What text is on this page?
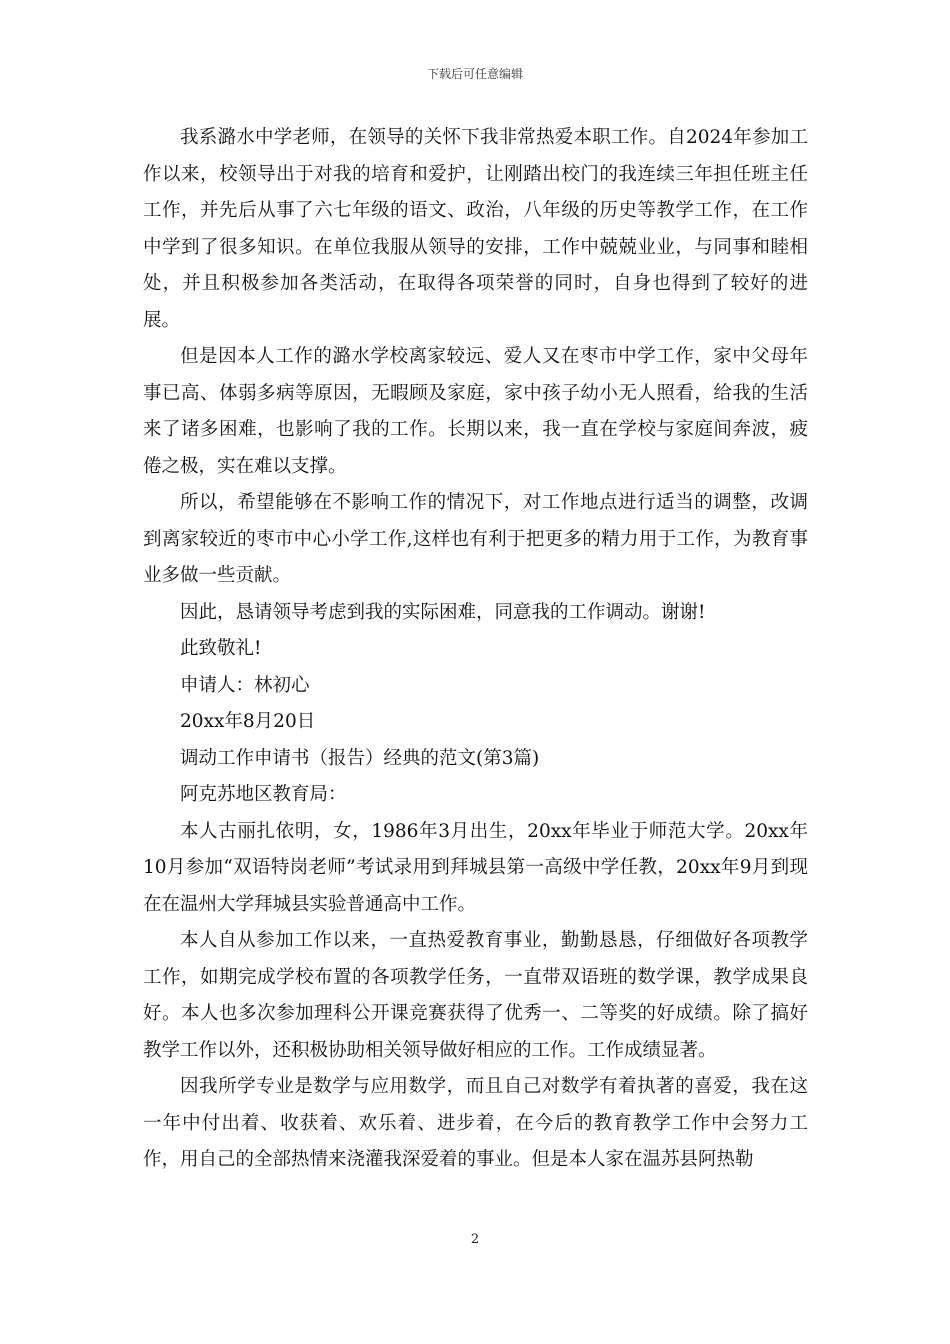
下载后可任意编辑

我系潞水中学老师，在领导的关怀下我非常热爱本职工作。自2024年参加工作以来，校领导出于对我的培育和爱护，让刚踏出校门的我连续三年担任班主任工作，并先后从事了六七年级的语文、政治，八年级的历史等教学工作，在工作中学到了很多知识。在单位我服从领导的安排，工作中兢兢业业，与同事和睦相处，并且积极参加各类活动，在取得各项荣誉的同时，自身也得到了较好的进展。

但是因本人工作的潞水学校离家较远、爱人又在枣市中学工作，家中父母年事已高、体弱多病等原因，无暇顾及家庭，家中孩子幼小无人照看，给我的生活来了诸多困难，也影响了我的工作。长期以来，我一直在学校与家庭间奔波，疲倦之极，实在难以支撑。

所以，希望能够在不影响工作的情况下，对工作地点进行适当的调整，改调到离家较近的枣市中心小学工作,这样也有利于把更多的精力用于工作，为教育事业多做一些贡献。

因此，恳请领导考虑到我的实际困难，同意我的工作调动。谢谢!

此致敬礼!

申请人：林初心

20xx年8月20日

调动工作申请书（报告）经典的范文(第3篇)

阿克苏地区教育局：

本人古丽扎依明，女，1986年3月出生，20xx年毕业于师范大学。20xx年10月参加“双语特岗老师”考试录用到拜城县第一高级中学任教，20xx年9月到现在在温州大学拜城县实验普通高中工作。

本人自从参加工作以来，一直热爱教育事业，勤勤恳恳，仔细做好各项教学工作，如期完成学校布置的各项教学任务，一直带双语班的数学课，教学成果良好。本人也多次参加理科公开课竞赛获得了优秀一、二等奖的好成绩。除了搞好教学工作以外，还积极协助相关领导做好相应的工作。工作成绩显著。

因我所学专业是数学与应用数学，而且自己对数学有着执著的喜爱，我在这一年中付出着、收获着、欢乐着、进步着，在今后的教育教学工作中会努力工作，用自己的全部热情来浇灌我深爱着的事业。但是本人家在温苏县阿热勒

2
